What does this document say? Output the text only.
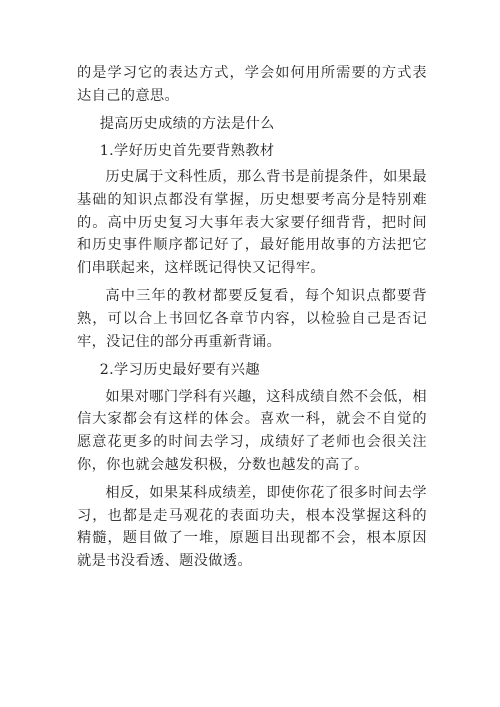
的是学习它的表达方式，学会如何用所需要的方式表达自己的意思。

提高历史成绩的方法是什么

1.学好历史首先要背熟教材

历史属于文科性质，那么背书是前提条件，如果最基础的知识点都没有掌握，历史想要考高分是特别难的。高中历史复习大事年表大家要仔细背背，把时间和历史事件顺序都记好了，最好能用故事的方法把它们串联起来，这样既记得快又记得牢。

高中三年的教材都要反复看，每个知识点都要背熟，可以合上书回忆各章节内容，以检验自己是否记牢，没记住的部分再重新背诵。

2.学习历史最好要有兴趣

如果对哪门学科有兴趣，这科成绩自然不会低，相信大家都会有这样的体会。喜欢一科，就会不自觉的愿意花更多的时间去学习，成绩好了老师也会很关注你，你也就会越发积极，分数也越发的高了。

相反，如果某科成绩差，即使你花了很多时间去学习，也都是走马观花的表面功夫，根本没掌握这科的精髓，题目做了一堆，原题目出现都不会，根本原因就是书没看透、题没做透。
